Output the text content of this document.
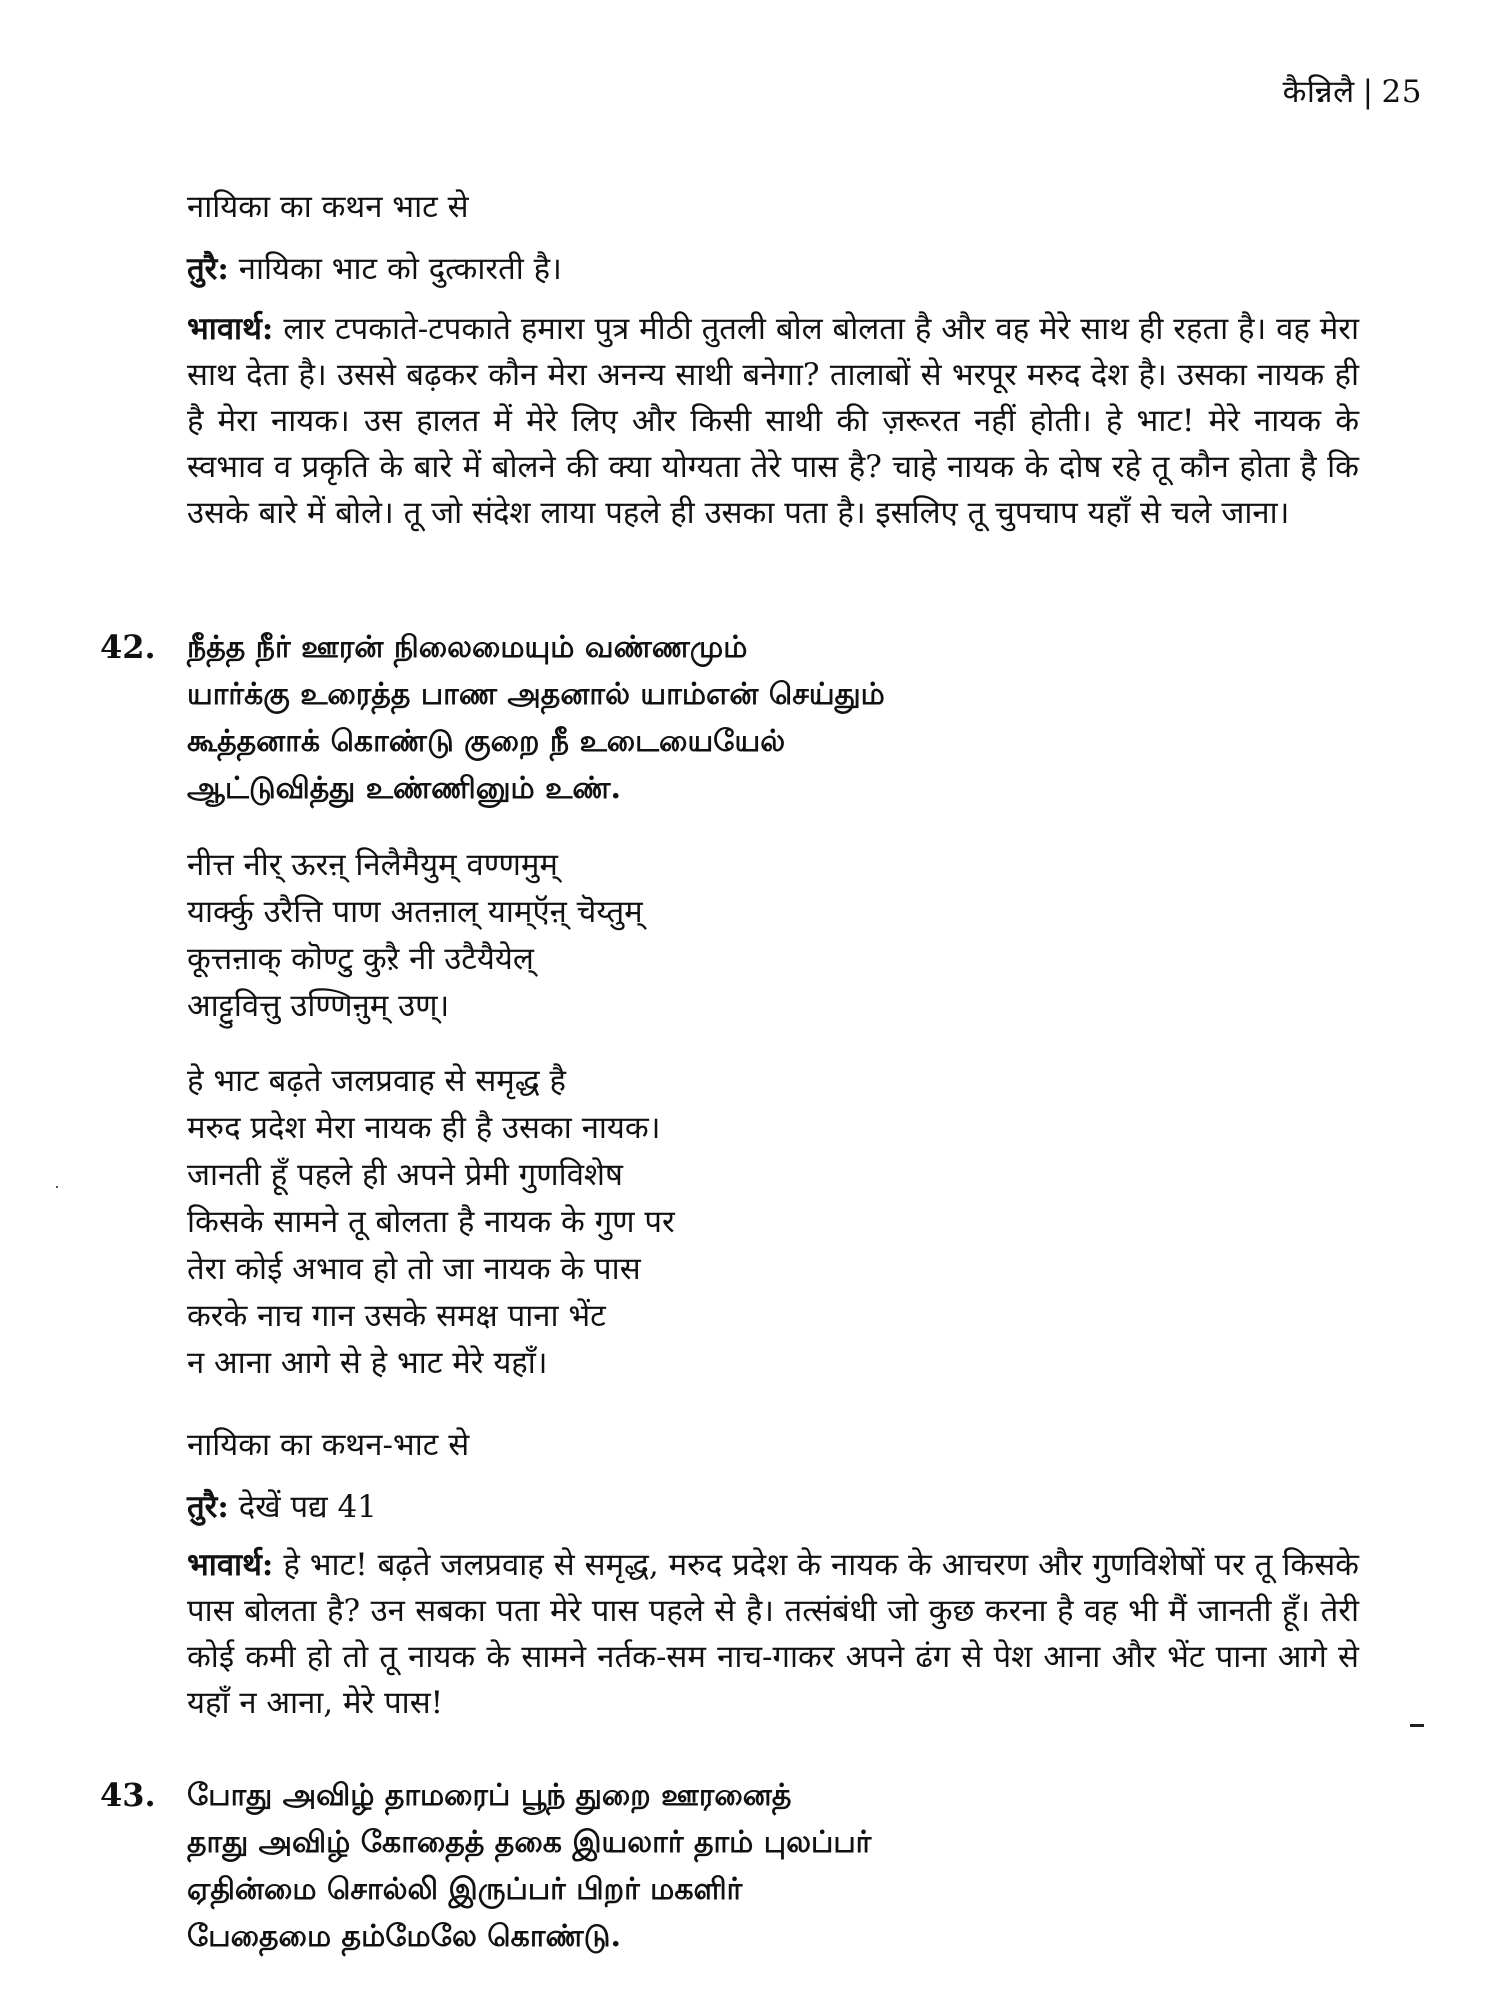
कैन्निलै | 25

नायिका का कथन भाट से

तुरै: नायिका भाट को दुत्कारती है।

भावार्थ: लार टपकाते-टपकाते हमारा पुत्र मीठी तुतली बोल बोलता है और वह मेरे साथ ही रहता है। वह मेरा साथ देता है। उससे बढ़कर कौन मेरा अनन्य साथी बनेगा? तालाबों से भरपूर मरुद देश है। उसका नायक ही है मेरा नायक। उस हालत में मेरे लिए और किसी साथी की ज़रूरत नहीं होती। हे भाट! मेरे नायक के स्वभाव व प्रकृति के बारे में बोलने की क्या योग्यता तेरे पास है? चाहे नायक के दोष रहे तू कौन होता है कि उसके बारे में बोले। तू जो संदेश लाया पहले ही उसका पता है। इसलिए तू चुपचाप यहाँ से चले जाना।

42. நீத்த நீர் ஊரன் நிலைமையும் வண்ணமும்
யார்க்கு உரைத்த பாண அதனால் யாம்என் செய்தும்
கூத்தனாக் கொண்டு குறை நீ உடையையேல்
ஆட்டுவித்து உண்ணினும் உண்.
नीत्त नीर् ऊरऩ् निलैमैयुम् वण्णमुम्
यार्क्कु उरैत्ति पाण अतऩाल् याम्ऍऩ् चॆय्तुम्
कूत्तऩाक् कॊण्टु कुऱै नी उटैयैयेल्
आट्टुवित्तु उण्णिऩुम् उण्।
हे भाट बढ़ते जलप्रवाह से समृद्ध है
मरुद प्रदेश मेरा नायक ही है उसका नायक।
जानती हूँ पहले ही अपने प्रेमी गुणविशेष
किसके सामने तू बोलता है नायक के गुण पर
तेरा कोई अभाव हो तो जा नायक के पास
करके नाच गान उसके समक्ष पाना भेंट
न आना आगे से हे भाट मेरे यहाँ।

नायिका का कथन-भाट से

तुरै: देखें पद्य 41

भावार्थ: हे भाट! बढ़ते जलप्रवाह से समृद्ध, मरुद प्रदेश के नायक के आचरण और गुणविशेषों पर तू किसके पास बोलता है? उन सबका पता मेरे पास पहले से है। तत्संबंधी जो कुछ करना है वह भी मैं जानती हूँ। तेरी कोई कमी हो तो तू नायक के सामने नर्तक-सम नाच-गाकर अपने ढंग से पेश आना और भेंट पाना आगे से यहाँ न आना, मेरे पास!

43. போது அவிழ் தாமரைப் பூந் துறை ஊரனைத்
தாது அவிழ் கோதைத் தகை இயலார் தாம் புலப்பர்
ஏதின்மை சொல்லி இருப்பர் பிறர் மகளிர்
பேதைமை தம்மேலே கொண்டு.
